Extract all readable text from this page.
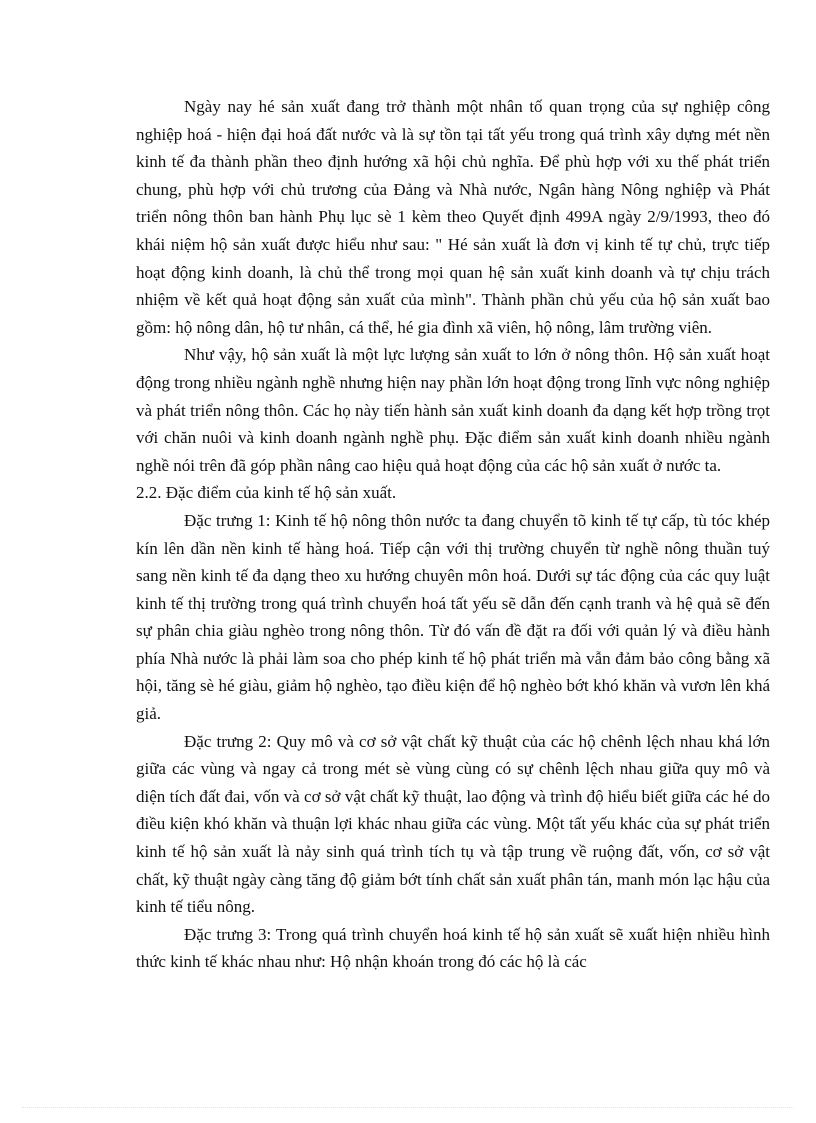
Ngày nay hé sản xuất đang trở thành một nhân tố quan trọng của sự nghiệp công nghiệp hoá - hiện đại hoá đất nước và là sự tồn tại tất yếu trong quá trình xây dựng mét nền kinh tế đa thành phần theo định hướng xã hội chủ nghĩa. Để phù hợp với xu thế phát triển chung, phù hợp với chủ trương của Đảng và Nhà nước, Ngân hàng Nông nghiệp và Phát triển nông thôn ban hành Phụ lục sè 1 kèm theo Quyết định 499A ngày 2/9/1993, theo đó khái niệm hộ sản xuất được hiểu như sau: " Hé sản xuất là đơn vị kinh tế tự chủ, trực tiếp hoạt động kinh doanh, là chủ thể trong mọi quan hệ sản xuất kinh doanh và tự chịu trách nhiệm về kết quả hoạt động sản xuất của mình". Thành phần chủ yếu của hộ sản xuất bao gồm: hộ nông dân, hộ tư nhân, cá thể, hé gia đình xã viên, hộ nông, lâm trường viên.

Như vậy, hộ sản xuất là một lực lượng sản xuất to lớn ở nông thôn. Hộ sản xuất hoạt động trong nhiều ngành nghề nhưng hiện nay phần lớn hoạt động trong lĩnh vực nông nghiệp và phát triển nông thôn. Các họ này tiến hành sản xuất kinh doanh đa dạng kết hợp trồng trọt với chăn nuôi và kinh doanh ngành nghề phụ. Đặc điểm sản xuất kinh doanh nhiều ngành nghề nói trên đã góp phần nâng cao hiệu quả hoạt động của các hộ sản xuất ở nước ta.

2.2. Đặc điểm của kinh tế hộ sản xuất.

Đặc trưng 1: Kinh tế hộ nông thôn nước ta đang chuyển tõ kinh tế tự cấp, tù tóc khép kín lên dần nền kinh tế hàng hoá. Tiếp cận với thị trường chuyển từ nghề nông thuần tuý sang nền kinh tế đa dạng theo xu hướng chuyên môn hoá. Dưới sự tác động của các quy luật kinh tế thị trường trong quá trình chuyển hoá tất yếu sẽ dẫn đến cạnh tranh và hệ quả sẽ đến sự phân chia giàu nghèo trong nông thôn. Từ đó vấn đề đặt ra đối với quản lý và điều hành phía Nhà nước là phải làm soa cho phép kinh tế hộ phát triển mà vẫn đảm bảo công bằng xã hội, tăng sè hé giàu, giảm hộ nghèo, tạo điều kiện để hộ nghèo bớt khó khăn và vươn lên khá giả.

Đặc trưng 2: Quy mô và cơ sở vật chất kỹ thuật của các hộ chênh lệch nhau khá lớn giữa các vùng và ngay cả trong mét sè vùng cùng có sự chênh lệch nhau giữa quy mô và diện tích đất đai, vốn và cơ sở vật chất kỹ thuật, lao động và trình độ hiểu biết giữa các hé do điều kiện khó khăn và thuận lợi khác nhau giữa các vùng. Một tất yếu khác của sự phát triển kinh tế hộ sản xuất là nảy sinh quá trình tích tụ và tập trung về ruộng đất, vốn, cơ sở vật chất, kỹ thuật ngày càng tăng độ giảm bớt tính chất sản xuất phân tán, manh món lạc hậu của kinh tế tiểu nông.

Đặc trưng 3: Trong quá trình chuyển hoá kinh tế hộ sản xuất sẽ xuất hiện nhiều hình thức kinh tế khác nhau như: Hộ nhận khoán trong đó các hộ là các
